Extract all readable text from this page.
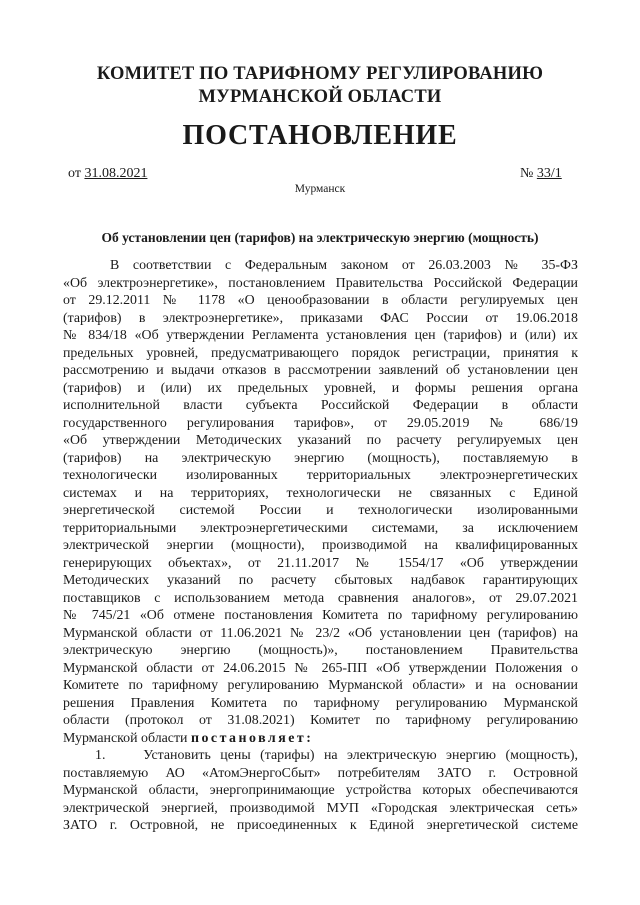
КОМИТЕТ ПО ТАРИФНОМУ РЕГУЛИРОВАНИЮ
МУРМАНСКОЙ ОБЛАСТИ
ПОСТАНОВЛЕНИЕ
от 31.08.2021	№ 33/1
Мурманск
Об установлении цен (тарифов) на электрическую энергию (мощность)
В соответствии с Федеральным законом от 26.03.2003 № 35-ФЗ
«Об электроэнергетике», постановлением Правительства Российской Федерации
от 29.12.2011 № 1178 «О ценообразовании в области регулируемых цен
(тарифов) в электроэнергетике», приказами ФАС России от 19.06.2018
№ 834/18 «Об утверждении Регламента установления цен (тарифов) и (или) их
предельных уровней, предусматривающего порядок регистрации, принятия к
рассмотрению и выдачи отказов в рассмотрении заявлений об установлении цен
(тарифов) и (или) их предельных уровней, и формы решения органа
исполнительной власти субъекта Российской Федерации в области
государственного регулирования тарифов», от 29.05.2019 № 686/19
«Об утверждении Методических указаний по расчету регулируемых цен
(тарифов) на электрическую энергию (мощность), поставляемую в
технологически изолированных территориальных электроэнергетических
системах и на территориях, технологически не связанных с Единой
энергетической системой России и технологически изолированными
территориальными электроэнергетическими системами, за исключением
электрической энергии (мощности), производимой на квалифицированных
генерирующих объектах», от 21.11.2017 № 1554/17 «Об утверждении
Методических указаний по расчету сбытовых надбавок гарантирующих
поставщиков с использованием метода сравнения аналогов», от 29.07.2021
№ 745/21 «Об отмене постановления Комитета по тарифному регулированию
Мурманской области от 11.06.2021 № 23/2 «Об установлении цен (тарифов) на
электрическую энергию (мощность)», постановлением Правительства
Мурманской области от 24.06.2015 № 265-ПП «Об утверждении Положения о
Комитете по тарифному регулированию Мурманской области» и на основании
решения Правления Комитета по тарифному регулированию Мурманской
области (протокол от 31.08.2021) Комитет по тарифному регулированию
Мурманской области постановляет:
1.    Установить цены (тарифы) на электрическую энергию (мощность),
поставляемую АО «АтомЭнергоСбыт» потребителям ЗАТО г. Островной
Мурманской области, энергопринимающие устройства которых обеспечиваются
электрической энергией, производимой МУП «Городская электрическая сеть»
ЗАТО г. Островной, не присоединенных к Единой энергетической системе
